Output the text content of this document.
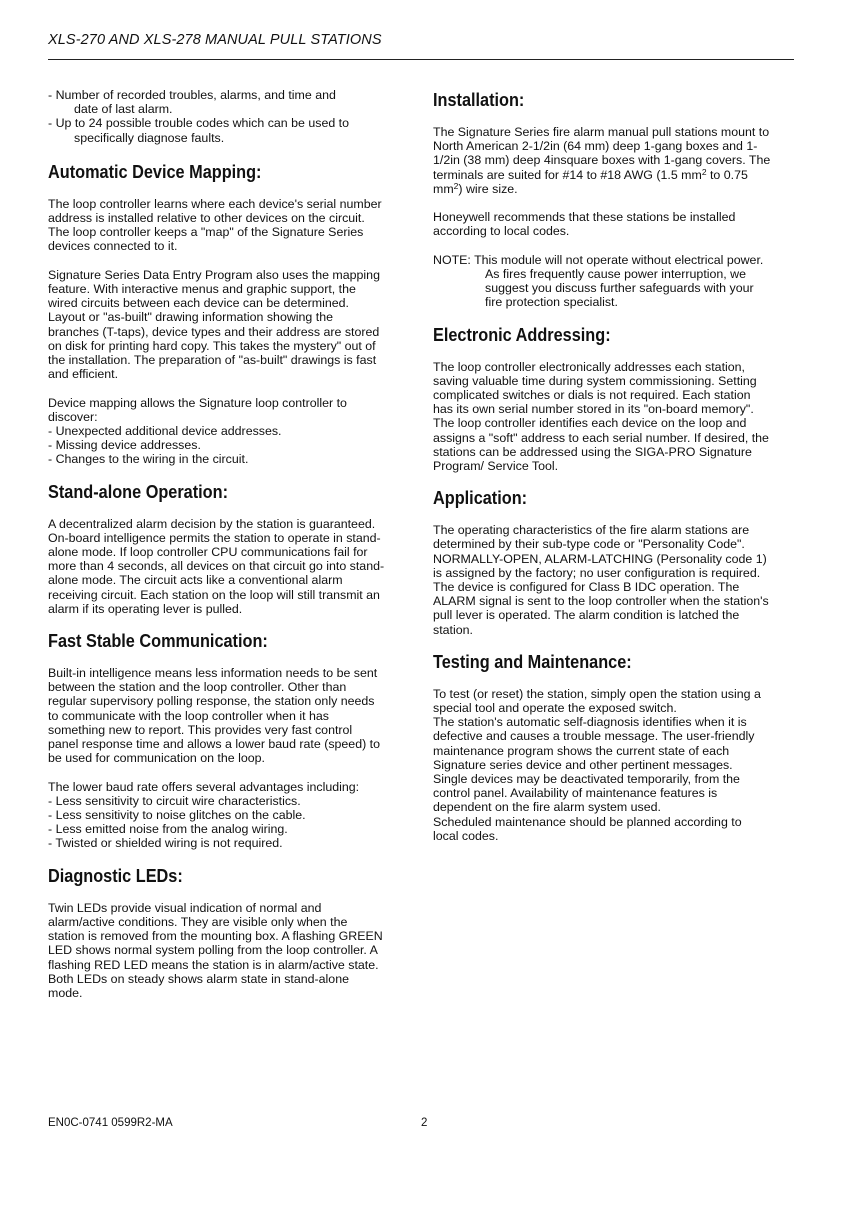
XLS-270 AND XLS-278 MANUAL PULL STATIONS
- Number of recorded troubles, alarms, and time and
date of last alarm.
- Up to 24 possible trouble codes which can be used to
specifically diagnose faults.
Automatic Device Mapping:
The loop controller learns where each device's serial number
address is installed relative to other devices on the circuit.
The loop controller keeps a "map" of the Signature Series
devices connected to it.
Signature Series Data Entry Program also uses the mapping
feature. With interactive menus and graphic support, the
wired circuits between each device can be determined.
Layout or "as-built" drawing information showing the
branches (T-taps), device types and their address are stored
on disk for printing hard copy. This takes the mystery" out of
the installation. The preparation of "as-built" drawings is fast
and efficient.
Device mapping allows the Signature loop controller to
discover:
- Unexpected additional device addresses.
- Missing device addresses.
- Changes to the wiring in the circuit.
Stand-alone Operation:
A decentralized alarm decision by the station is guaranteed.
On-board intelligence permits the station to operate in stand-
alone mode. If loop controller CPU communications fail for
more than 4 seconds, all devices on that circuit go into stand-
alone mode. The circuit acts like a conventional alarm
receiving circuit. Each station on the loop will still transmit an
alarm if its operating lever is pulled.
Fast Stable Communication:
Built-in intelligence means less information needs to be sent
between the station and the loop controller. Other than
regular supervisory polling response, the station only needs
to communicate with the loop controller when it has
something new to report. This provides very fast control
panel response time and allows a lower baud rate (speed) to
be used for communication on the loop.
The lower baud rate offers several advantages including:
- Less sensitivity to circuit wire characteristics.
- Less sensitivity to noise glitches on the cable.
- Less emitted noise from the analog wiring.
- Twisted or shielded wiring is not required.
Diagnostic LEDs:
Twin LEDs provide visual indication of normal and
alarm/active conditions. They are visible only when the
station is removed from the mounting box. A flashing GREEN
LED shows normal system polling from the loop controller. A
flashing RED LED means the station is in alarm/active state.
Both LEDs on steady shows alarm state in stand-alone
mode.
Installation:
The Signature Series fire alarm manual pull stations mount to
North American 2-1/2in (64 mm) deep 1-gang boxes and 1-
1/2in (38 mm) deep 4insquare boxes with 1-gang covers. The
terminals are suited for #14 to #18 AWG (1.5 $mm^2$ to 0.75
$mm^2$) wire size.
Honeywell recommends that these stations be installed
according to local codes.
NOTE: This module will not operate without electrical power.
As fires frequently cause power interruption, we
suggest you discuss further safeguards with your
fire protection specialist.
Electronic Addressing:
The loop controller electronically addresses each station,
saving valuable time during system commissioning. Setting
complicated switches or dials is not required. Each station
has its own serial number stored in its "on-board memory".
The loop controller identifies each device on the loop and
assigns a "soft" address to each serial number. If desired, the
stations can be addressed using the SIGA-PRO Signature
Program/ Service Tool.
Application:
The operating characteristics of the fire alarm stations are
determined by their sub-type code or "Personality Code".
NORMALLY-OPEN, ALARM-LATCHING (Personality code 1)
is assigned by the factory; no user configuration is required.
The device is configured for Class B IDC operation. The
ALARM signal is sent to the loop controller when the station's
pull lever is operated. The alarm condition is latched the
station.
Testing and Maintenance:
To test (or reset) the station, simply open the station using a
special tool and operate the exposed switch.
The station's automatic self-diagnosis identifies when it is
defective and causes a trouble message. The user-friendly
maintenance program shows the current state of each
Signature series device and other pertinent messages.
Single devices may be deactivated temporarily, from the
control panel. Availability of maintenance features is
dependent on the fire alarm system used.
Scheduled maintenance should be planned according to
local codes.
EN0C-0741 0599R2-MA	2
